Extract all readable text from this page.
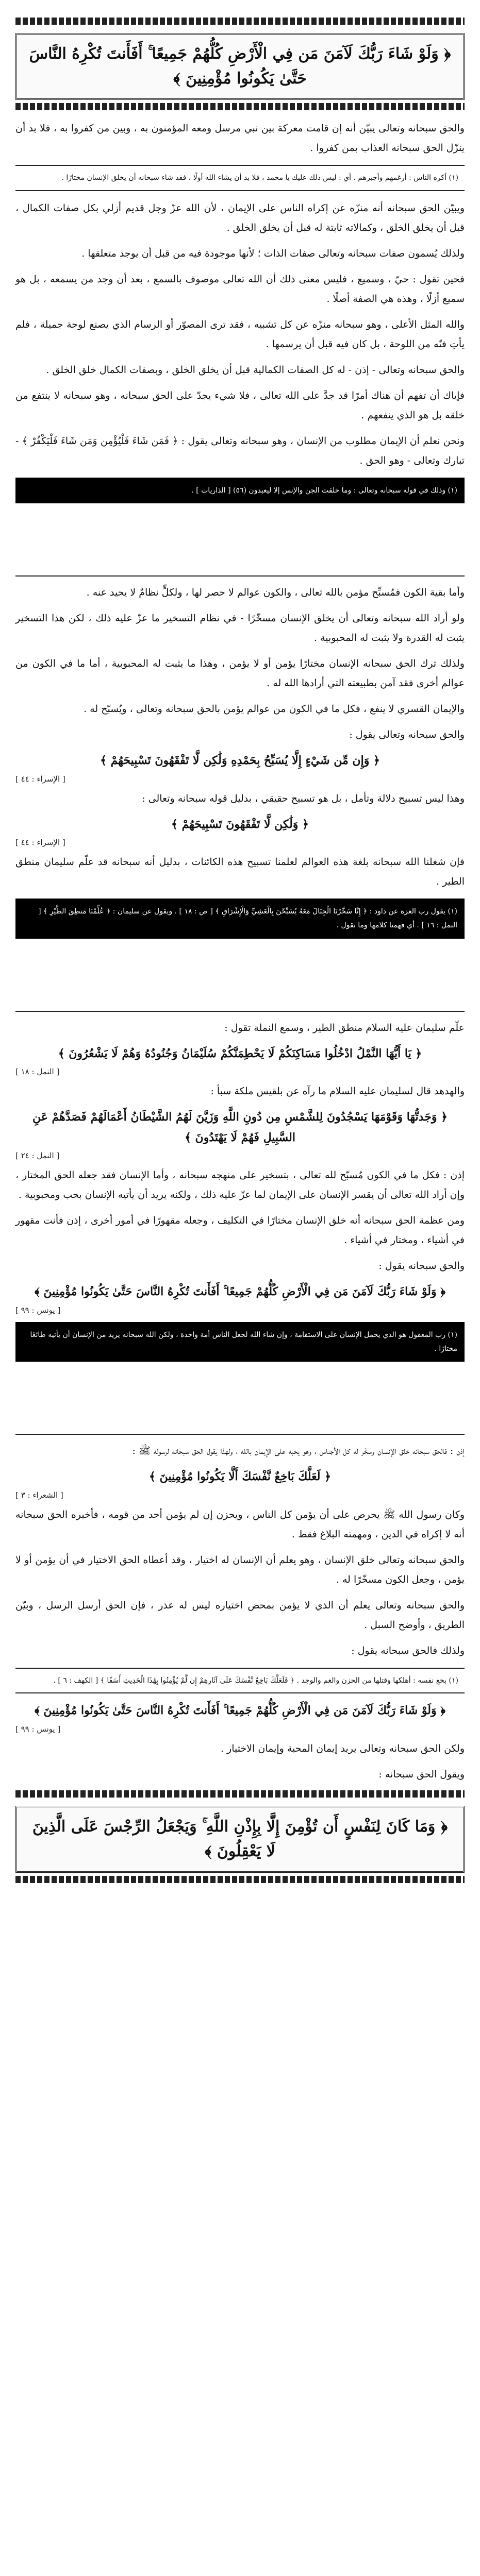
﴿ وَلَوْ شَاءَ رَبُّكَ لَآمَنَ مَن فِي الْأَرْضِ كُلُّهُمْ جَمِيعًا ۚ أَفَأَنتَ تُكْرِهُ النَّاسَ حَتَّىٰ يَكُونُوا مُؤْمِنِينَ ﴾

والحق سبحانه وتعالى يبيّن أنه إن قامت معركة بين نبي مرسل ومعه المؤمنون به ، وبين من كفروا به ، فلا بد أن ينزّل الحق سبحانه العذاب بمن كفروا .

(١) أكره الناس : أرغمهم وأجبرهم . أي : ليس ذلك عليك يا محمد ، فلا بد أن يشاء الله أولًا ، فقد شاء سبحانه أن يخلق الإنسان مختارًا .

ويبيّن الحق سبحانه أنه منزّه عن إكراه الناس على الإيمان ، لأن الله عزّ وجل قديم أزلي بكل صفات الكمال ، قبل أن يخلق الخلق ، وكمالاته ثابتة له قبل أن يخلق الخلق .

ولذلك يُسمون صفات سبحانه وتعالى صفات الذات ؛ لأنها موجودة فيه من قبل أن يوجد متعلقها .

فحين تقول : حيّ ، وسميع ، فليس معنى ذلك أن الله تعالى موصوف بالسمع ، بعد أن وجد من يسمعه ، بل هو سميع أزلًا ، وهذه هي الصفة أصلًا .

والله المثل الأعلى ، وهو سبحانه منزّه عن كل تشبيه ، فقد ترى المصوّر أو الرسام الذي يصنع لوحة جميلة ، فلم يأتِ فنّه من اللوحة ، بل كان فيه قبل أن يرسمها .

والحق سبحانه وتعالى - إذن - له كل الصفات الكمالية قبل أن يخلق الخلق ، وبصفات الكمال خلق الخلق .

فإياك أن تفهم أن هناك أمرًا قد جدَّ على الله تعالى ، فلا شيء يجدّ على الحق سبحانه ، وهو سبحانه لا ينتفع من خلقه بل هو الذي ينفعهم .

ونحن نعلم أن الإيمان مطلوب من الإنسان ، وهو سبحانه وتعالى يقول : ﴿ فَمَن شَاءَ فَلْيُؤْمِن وَمَن شَاءَ فَلْيَكْفُرْ ﴾ - تبارك وتعالى - وهو الحق .

(١) وذلك في قوله سبحانه وتعالى : وما خلقت الجن والإنس إلا ليعبدون (٥٦) [ الذاريات ] .

وأما بقية الكون فمُسبِّح مؤمن بالله تعالى ، والكون عوالم لا حصر لها ، ولكلٍّ نظامٌ لا يحيد عنه .

ولو أراد الله سبحانه وتعالى أن يخلق الإنسان مسخّرًا - في نظام التسخير ما عزّ عليه ذلك ، لكن هذا التسخير يثبت له القدرة ولا يثبت له المحبوبية .

ولذلك ترك الحق سبحانه الإنسان مختارًا يؤمن أو لا يؤمن ، وهذا ما يثبت له المحبوبية ، أما ما في الكون من عوالم أخرى فقد آمن بطبيعته التي أرادها الله له .

والإيمان القسري لا ينفع ، فكل ما في الكون من عوالم يؤمن بالحق سبحانه وتعالى ، ويُسبّح له .

والحق سبحانه وتعالى يقول :

﴿ وَإِن مِّن شَيْءٍ إِلَّا يُسَبِّحُ بِحَمْدِهِ وَلَٰكِن لَّا تَفْقَهُونَ تَسْبِيحَهُمْ ﴾
[ الإسراء : ٤٤ ]

وهذا ليس تسبيح دلالة وتأمل ، بل هو تسبيح حقيقي ، بدليل قوله سبحانه وتعالى :

﴿ وَلَٰكِن لَّا تَفْقَهُونَ تَسْبِيحَهُمْ ﴾
[ الإسراء : ٤٤ ]

فإن شغلنا الله سبحانه بلغة هذه العوالم لعلمنا تسبيح هذه الكائنات ، بدليل أنه سبحانه قد علّم سليمان منطق الطير .

(١) يقول رب العزة عن داود : ﴿ إِنَّا سَخَّرْنَا الْجِبَالَ مَعَهُ يُسَبِّحْنَ بِالْعَشِيِّ وَالْإِشْرَاقِ ﴾ [ ص : ١٨ ] . ويقول عن سليمان : ﴿ عُلِّمْنَا مَنطِقَ الطَّيْرِ ﴾ [ النمل : ١٦ ] . أي فهمنا كلامها وما تقول .

علّم سليمان عليه السلام منطق الطير ، وسمع النملة تقول :

﴿ يَا أَيُّهَا النَّمْلُ ادْخُلُوا مَسَاكِنَكُمْ لَا يَحْطِمَنَّكُمْ سُلَيْمَانُ وَجُنُودُهُ وَهُمْ لَا يَشْعُرُونَ ﴾
[ النمل : ١٨ ]

والهدهد قال لسليمان عليه السلام ما رآه عن بلقيس ملكة سبأ :

﴿ وَجَدتُّهَا وَقَوْمَهَا يَسْجُدُونَ لِلشَّمْسِ مِن دُونِ اللَّهِ وَزَيَّنَ لَهُمُ الشَّيْطَانُ أَعْمَالَهُمْ فَصَدَّهُمْ عَنِ السَّبِيلِ فَهُمْ لَا يَهْتَدُونَ ﴾
[ النمل : ٢٤ ]

إذن : فكل ما في الكون مُسبّح لله تعالى ، بتسخير على منهجه سبحانه ، وأما الإنسان فقد جعله الحق المختار ، وإن أراد الله تعالى أن يقسر الإنسان على الإيمان لما عزّ عليه ذلك ، ولكنه يريد أن يأتيه الإنسان بحب ومحبوبية .

ومن عظمة الحق سبحانه أنه خلق الإنسان مختارًا في التكليف ، وجعله مقهورًا في أمور أخرى ، إذن فأنت مقهور في أشياء ، ومختار في أشياء .

والحق سبحانه يقول :

﴿ وَلَوْ شَاءَ رَبُّكَ لَآمَنَ مَن فِي الْأَرْضِ كُلُّهُمْ جَمِيعًا ۚ أَفَأَنتَ تُكْرِهُ النَّاسَ حَتَّىٰ يَكُونُوا مُؤْمِنِينَ ﴾
[ يونس : ٩٩ ]
(١) رب المعقول هو الذي يحمل الإنسان على الاستقامة ، وإن شاء الله لجعل الناس أمة واحدة ، ولكن الله سبحانه يريد من الإنسان أن يأتيه طائعًا مختارًا .

إذن : فالحق سبحانه خلق الإنسان وسخّر له كل الأجناس ، وهو يحبه على الإيمان بالله ، ولهذا يقول الحق سبحانه لرسوله ﷺ :

﴿ لَعَلَّكَ بَاخِعٌ نَّفْسَكَ أَلَّا يَكُونُوا مُؤْمِنِينَ ﴾
[ الشعراء : ٣ ]

وكان رسول الله ﷺ يحرص على أن يؤمن كل الناس ، ويحزن إن لم يؤمن أحد من قومه ، فأخبره الحق سبحانه أنه لا إكراه في الدين ، ومهمته البلاغ فقط .

والحق سبحانه وتعالى خلق الإنسان ، وهو يعلم أن الإنسان له اختيار ، وقد أعطاه الحق الاختيار في أن يؤمن أو لا يؤمن ، وجعل الكون مسخّرًا له .

والحق سبحانه وتعالى يعلم أن الذي لا يؤمن بمحض اختياره ليس له عذر ، فإن الحق أرسل الرسل ، وبيّن الطريق ، وأوضح السبل .

ولذلك فالحق سبحانه يقول :

(١) بخع نفسه : أهلكها وقتلها من الحزن والغم والوجد . ﴿ فَلَعَلَّكَ بَاخِعٌ نَّفْسَكَ عَلَىٰ آثَارِهِمْ إِن لَّمْ يُؤْمِنُوا بِهَٰذَا الْحَدِيثِ أَسَفًا ﴾ [ الكهف : ٦ ] .
﴿ وَلَوْ شَاءَ رَبُّكَ لَآمَنَ مَن فِي الْأَرْضِ كُلُّهُمْ جَمِيعًا ۚ أَفَأَنتَ تُكْرِهُ النَّاسَ حَتَّىٰ يَكُونُوا مُؤْمِنِينَ ﴾
[ يونس : ٩٩ ]

ولكن الحق سبحانه وتعالى يريد إيمان المحبة وإيمان الاختيار .

ويقول الحق سبحانه :

﴿ وَمَا كَانَ لِنَفْسٍ أَن تُؤْمِنَ إِلَّا بِإِذْنِ اللَّهِ ۚ وَيَجْعَلُ الرِّجْسَ عَلَى الَّذِينَ لَا يَعْقِلُونَ ﴾
